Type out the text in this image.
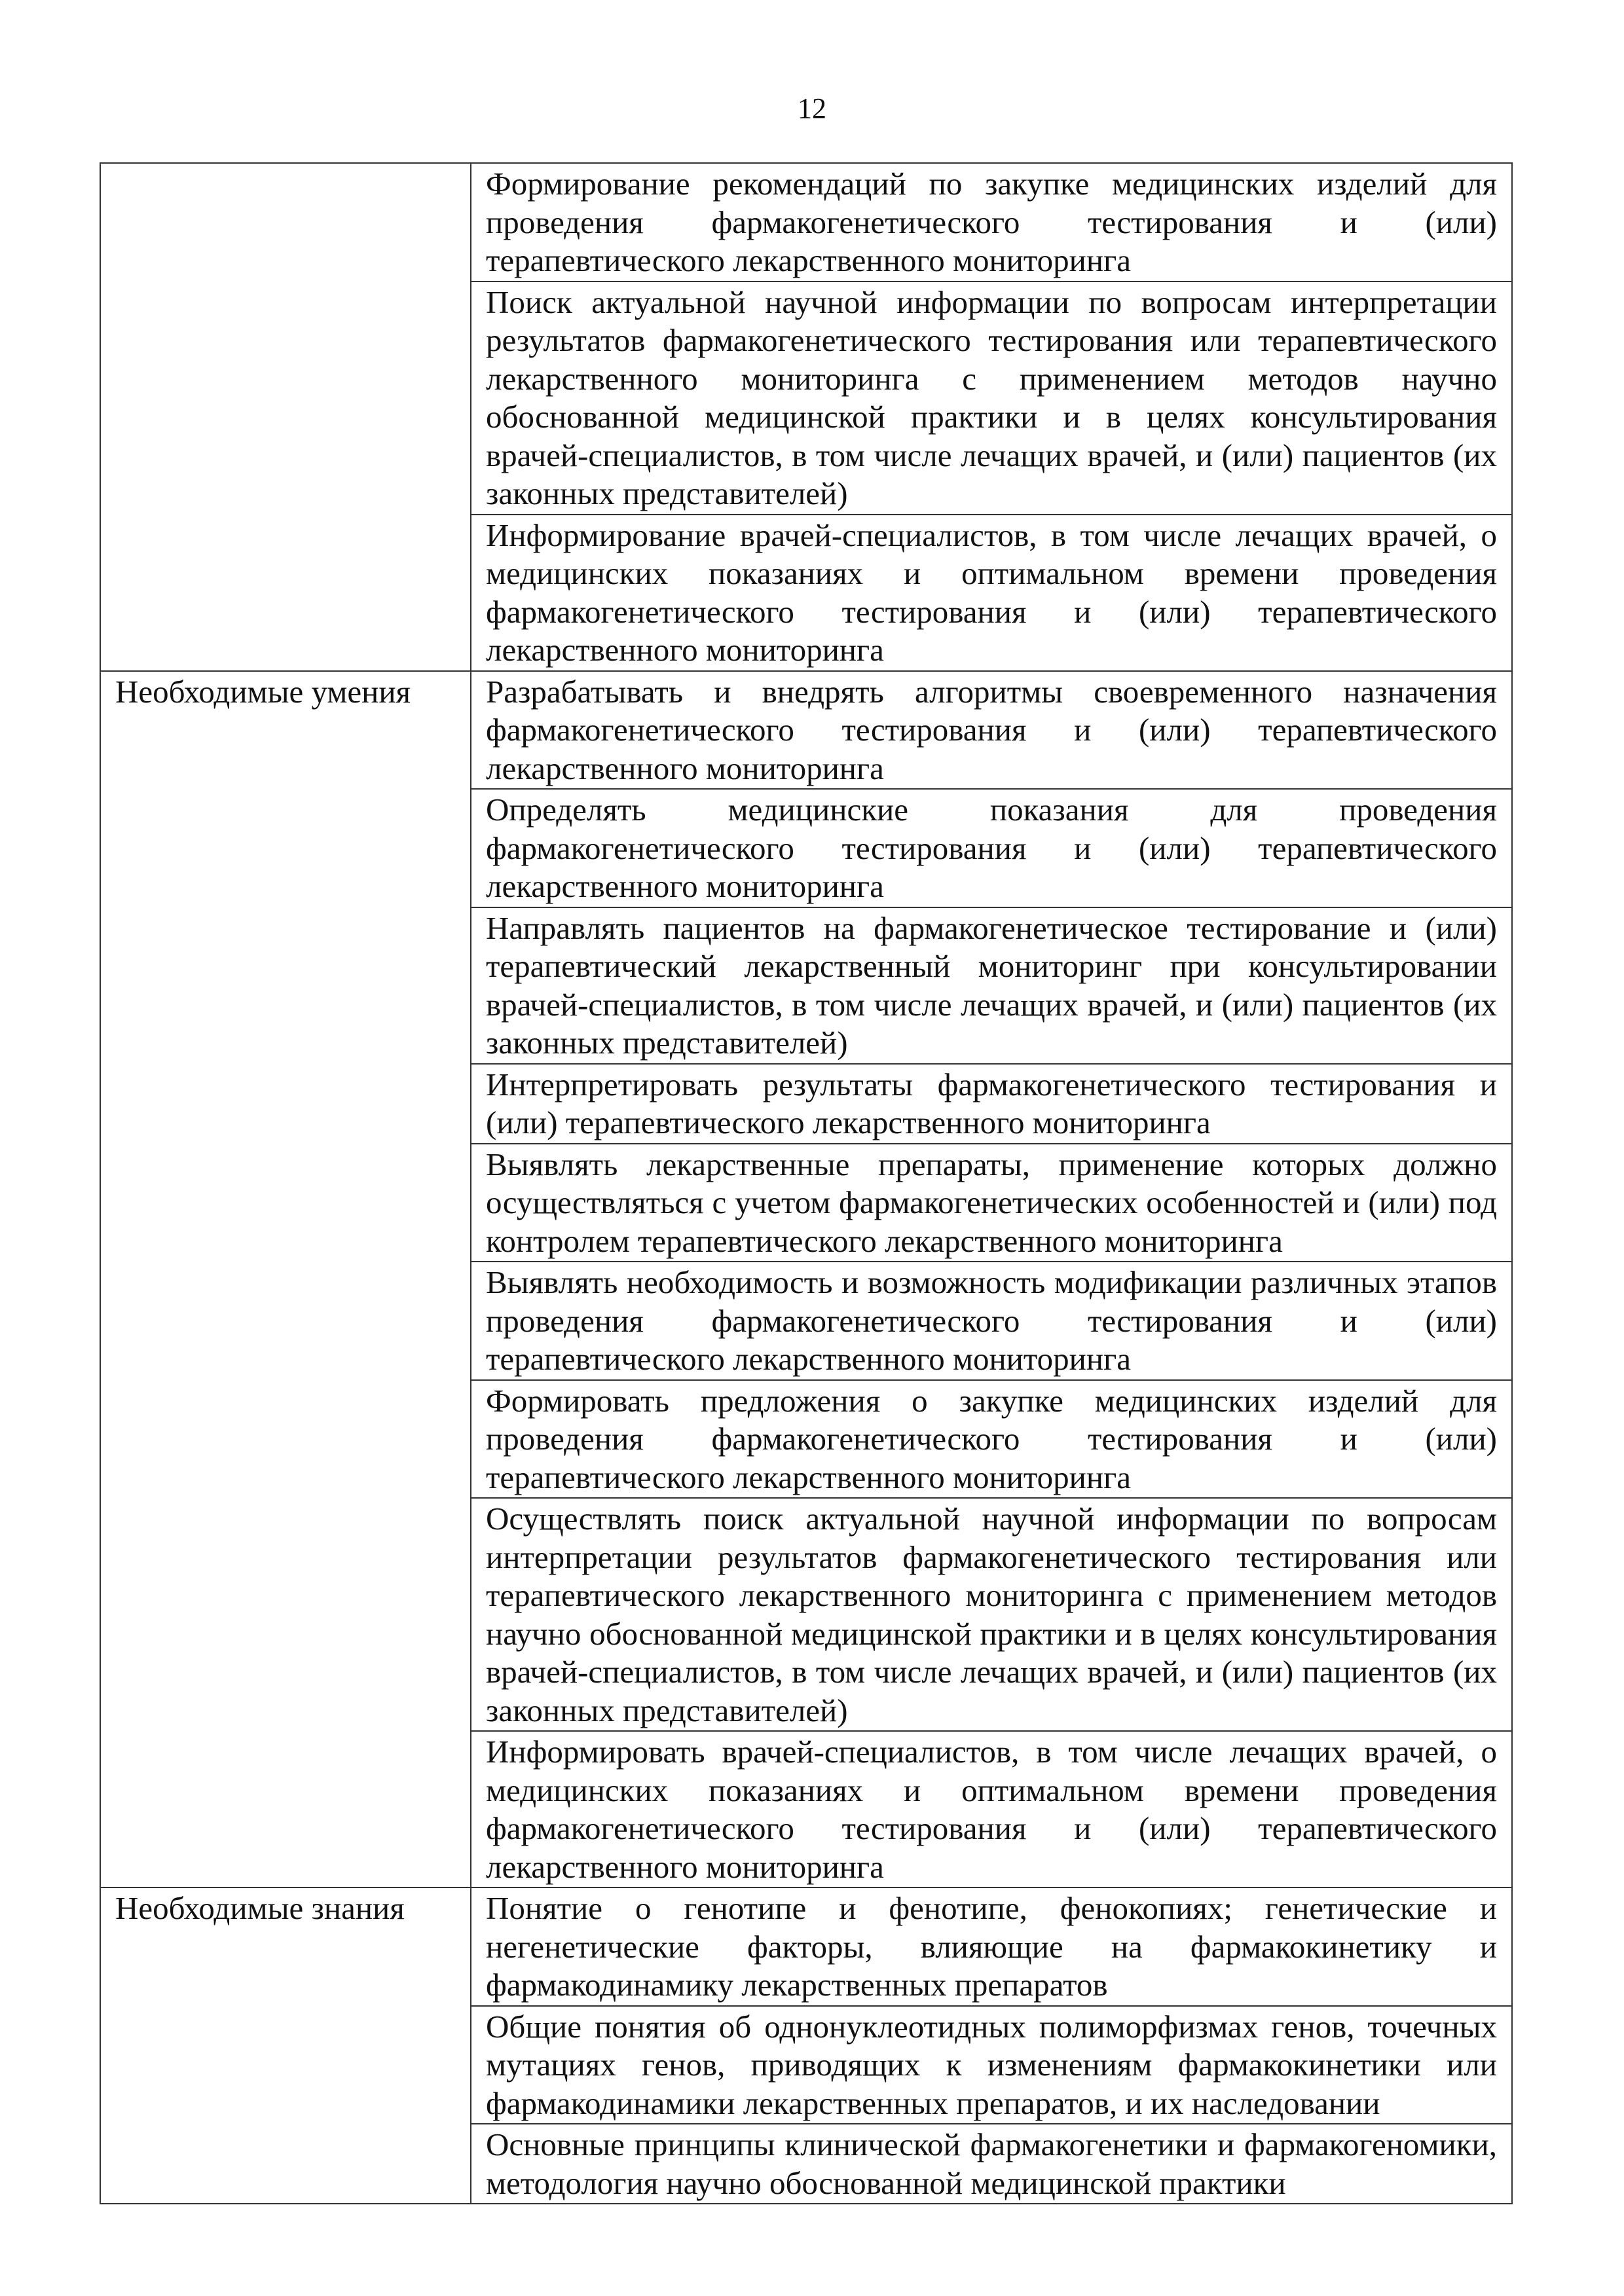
12
	Формирование рекомендаций по закупке медицинских изделий для проведения фармакогенетического тестирования и (или) терапевтического лекарственного мониторинга
	Поиск актуальной научной информации по вопросам интерпретации результатов фармакогенетического тестирования или терапевтического лекарственного мониторинга с применением методов научно обоснованной медицинской практики и в целях консультирования врачей-специалистов, в том числе лечащих врачей, и (или) пациентов (их законных представителей)
	Информирование врачей-специалистов, в том числе лечащих врачей, о медицинских показаниях и оптимальном времени проведения фармакогенетического тестирования и (или) терапевтического лекарственного мониторинга
Необходимые умения	Разрабатывать и внедрять алгоритмы своевременного назначения фармакогенетического тестирования и (или) терапевтического лекарственного мониторинга
	Определять медицинские показания для проведения фармакогенетического тестирования и (или) терапевтического лекарственного мониторинга
	Направлять пациентов на фармакогенетическое тестирование и (или) терапевтический лекарственный мониторинг при консультировании врачей-специалистов, в том числе лечащих врачей, и (или) пациентов (их законных представителей)
	Интерпретировать результаты фармакогенетического тестирования и (или) терапевтического лекарственного мониторинга
	Выявлять лекарственные препараты, применение которых должно осуществляться с учетом фармакогенетических особенностей и (или) под контролем терапевтического лекарственного мониторинга
	Выявлять необходимость и возможность модификации различных этапов проведения фармакогенетического тестирования и (или) терапевтического лекарственного мониторинга
	Формировать предложения о закупке медицинских изделий для проведения фармакогенетического тестирования и (или) терапевтического лекарственного мониторинга
	Осуществлять поиск актуальной научной информации по вопросам интерпретации результатов фармакогенетического тестирования или терапевтического лекарственного мониторинга с применением методов научно обоснованной медицинской практики и в целях консультирования врачей-специалистов, в том числе лечащих врачей, и (или) пациентов (их законных представителей)
	Информировать врачей-специалистов, в том числе лечащих врачей, о медицинских показаниях и оптимальном времени проведения фармакогенетического тестирования и (или) терапевтического лекарственного мониторинга
Необходимые знания	Понятие о генотипе и фенотипе, фенокопиях; генетические и негенетические факторы, влияющие на фармакокинетику и фармакодинамику лекарственных препаратов
	Общие понятия об однонуклеотидных полиморфизмах генов, точечных мутациях генов, приводящих к изменениям фармакокинетики или фармакодинамики лекарственных препаратов, и их наследовании
	Основные принципы клинической фармакогенетики и фармакогеномики, методология научно обоснованной медицинской практики
